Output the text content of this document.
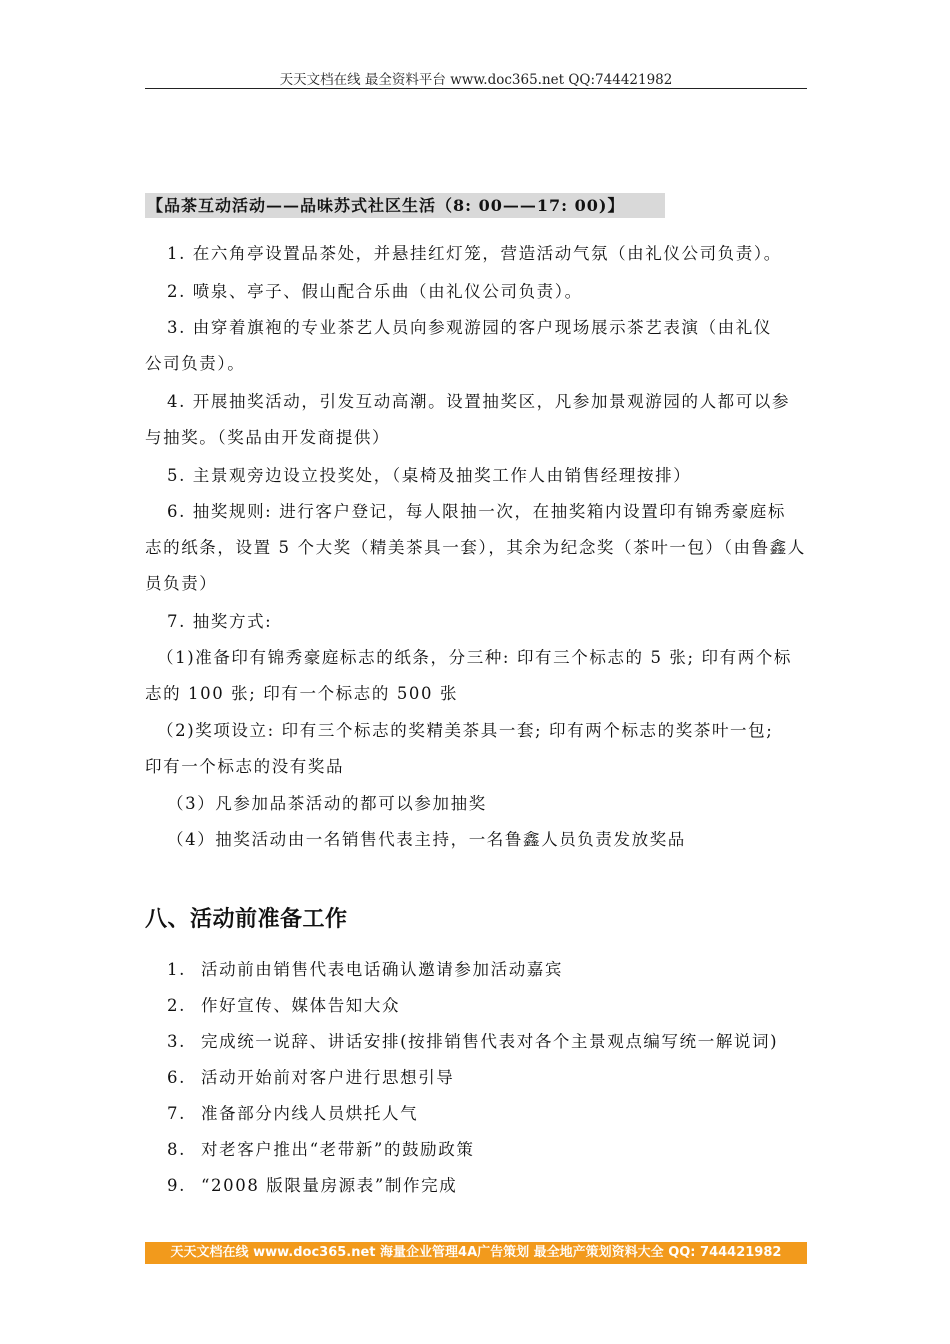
天天文档在线 最全资料平台 www.doc365.net QQ:744421982
【品茶互动活动——品味苏式社区生活（8: 00——17: 00)】
1. 在六角亭设置品茶处，并悬挂红灯笼，营造活动气氛（由礼仪公司负责）。
2. 喷泉、亭子、假山配合乐曲（由礼仪公司负责）。
3. 由穿着旗袍的专业茶艺人员向参观游园的客户现场展示茶艺表演（由礼仪
公司负责）。
4. 开展抽奖活动，引发互动高潮。设置抽奖区，凡参加景观游园的人都可以参
与抽奖。（奖品由开发商提供）
5. 主景观旁边设立投奖处，（桌椅及抽奖工作人由销售经理按排）
6. 抽奖规则: 进行客户登记，每人限抽一次，在抽奖箱内设置印有锦秀豪庭标
志的纸条，设置 5 个大奖（精美茶具一套），其余为纪念奖（茶叶一包）（由鲁鑫人
员负责）
7. 抽奖方式:
（1)准备印有锦秀豪庭标志的纸条，分三种: 印有三个标志的 5 张; 印有两个标
志的 100 张; 印有一个标志的 500 张
（2)奖项设立: 印有三个标志的奖精美茶具一套; 印有两个标志的奖茶叶一包;
印有一个标志的没有奖品
（3）凡参加品茶活动的都可以参加抽奖
（4）抽奖活动由一名销售代表主持，一名鲁鑫人员负责发放奖品
八、活动前准备工作
1. 活动前由销售代表电话确认邀请参加活动嘉宾
2. 作好宣传、媒体告知大众
3. 完成统一说辞、讲话安排(按排销售代表对各个主景观点编写统一解说词)
6. 活动开始前对客户进行思想引导
7. 准备部分内线人员烘托人气
8. 对老客户推出“老带新”的鼓励政策
9. “2008 版限量房源表”制作完成
天天文档在线 www.doc365.net 海量企业管理4A广告策划 最全地产策划资料大全 QQ: 744421982
